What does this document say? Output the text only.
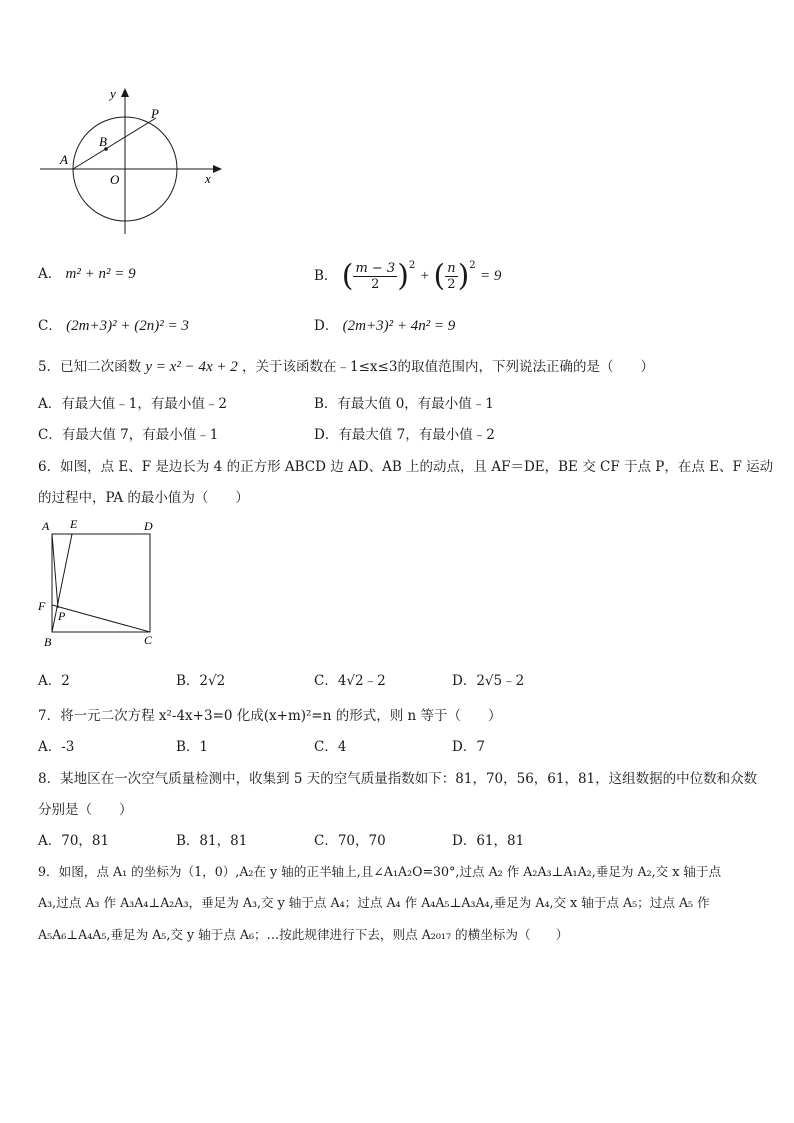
y
P
B
A
O	x
A． m² + n² = 9	B． ( $\frac{m - 3}{2} )^2$ + ( $\frac{n}{2} )^2 = 9$
C． (2m+3)² + (2n)² = 3	D． (2m+3)² + 4n² = 9
5．已知二次函数 y = x² − 4x + 2 ，关于该函数在﹣1≤x≤3的取值范围内，下列说法正确的是（　　）
A．有最大值﹣1，有最小值﹣2	B．有最大值 0，有最小值﹣1
C．有最大值 7，有最小值﹣1	D．有最大值 7，有最小值﹣2
6．如图，点 E、F 是边长为 4 的正方形 ABCD 边 AD、AB 上的动点，且 AF＝DE，BE 交 CF 于点 P，在点 E、F 运动
的过程中，PA 的最小值为（　　）
A E	D
F
P
B	C
A．2	B．2√2	C．4√2﹣2	D．2√5﹣2
7．将一元二次方程 x²-4x+3=0 化成(x+m)²=n 的形式，则 n 等于（　　）
A．-3	B．1	C．4	D．7
8．某地区在一次空气质量检测中，收集到 5 天的空气质量指数如下：81，70，56，61，81，这组数据的中位数和众数
分别是（　　）
A．70，81	B．81，81	C．70，70	D．61，81
9．如图，点 A₁ 的坐标为（1，0）,A₂在 y 轴的正半轴上,且∠A₁A₂O=30°,过点 A₂ 作 A₂A₃⊥A₁A₂,垂足为 A₂,交 x 轴于点
A₃,过点 A₃ 作 A₃A₄⊥A₂A₃，垂足为 A₃,交 y 轴于点 A₄；过点 A₄ 作 A₄A₅⊥A₃A₄,垂足为 A₄,交 x 轴于点 A₅；过点 A₅ 作
A₅A₆⊥A₄A₅,垂足为 A₅,交 y 轴于点 A₆；…按此规律进行下去，则点 A₂₀₁₇ 的横坐标为（　　）
